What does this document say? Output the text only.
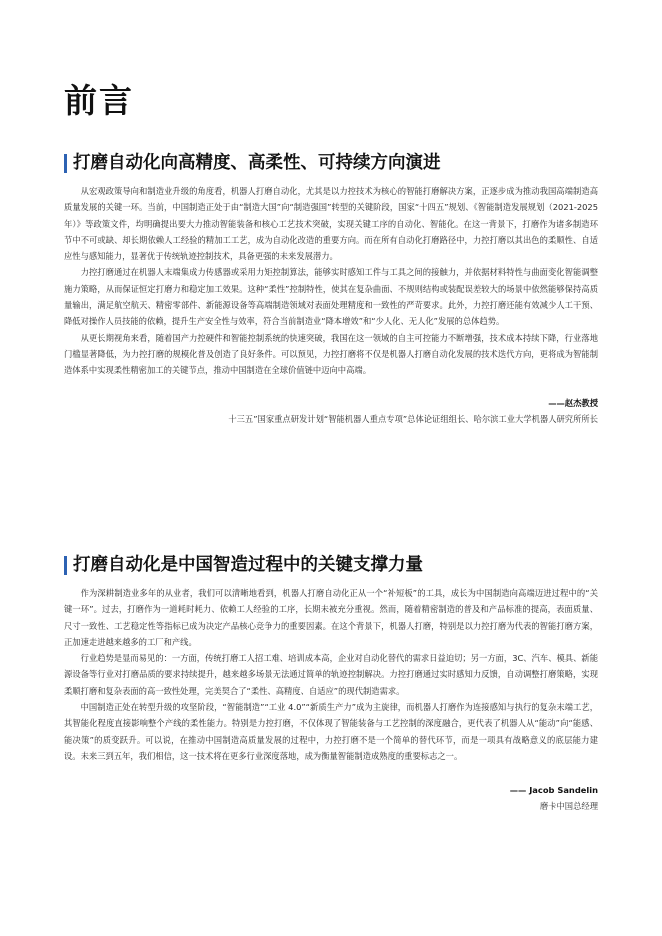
前言
打磨自动化向高精度、高柔性、可持续方向演进

从宏观政策导向和制造业升级的角度看，机器人打磨自动化，尤其是以力控技术为核心的智能打磨解决方案，正逐步成为推动我国高端制造高质量发展的关键一环。当前，中国制造正处于由“制造大国”向“制造强国”转型的关键阶段，国家“十四五”规划、《智能制造发展规划（2021-2025年）》等政策文件，均明确提出要大力推动智能装备和核心工艺技术突破，实现关键工序的自动化、智能化。在这一背景下，打磨作为诸多制造环节中不可或缺、却长期依赖人工经验的精加工工艺，成为自动化改造的重要方向。而在所有自动化打磨路径中，力控打磨以其出色的柔顺性、自适应性与感知能力，显著优于传统轨迹控制技术，具备更强的未来发展潜力。

力控打磨通过在机器人末端集成力传感器或采用力矩控制算法，能够实时感知工件与工具之间的接触力，并依据材料特性与曲面变化智能调整施力策略，从而保证恒定打磨力和稳定加工效果。这种“柔性”控制特性，使其在复杂曲面、不规则结构或装配误差较大的场景中依然能够保持高质量输出，满足航空航天、精密零部件、新能源设备等高端制造领域对表面处理精度和一致性的严苛要求。此外，力控打磨还能有效减少人工干预、降低对操作人员技能的依赖，提升生产安全性与效率，符合当前制造业“降本增效”和“少人化、无人化”发展的总体趋势。

从更长期视角来看，随着国产力控硬件和智能控制系统的快速突破，我国在这一领域的自主可控能力不断增强，技术成本持续下降，行业落地门槛显著降低，为力控打磨的规模化普及创造了良好条件。可以预见，力控打磨将不仅是机器人打磨自动化发展的技术迭代方向，更将成为智能制造体系中实现柔性精密加工的关键节点，推动中国制造在全球价值链中迈向中高端。

——赵杰教授

十三五”国家重点研发计划“智能机器人重点专项”总体论证组组长、哈尔滨工业大学机器人研究所所长

打磨自动化是中国智造过程中的关键支撑力量

作为深耕制造业多年的从业者，我们可以清晰地看到，机器人打磨自动化正从一个“补短板”的工具，成长为中国制造向高端迈进过程中的“关键一环”。过去，打磨作为一道耗时耗力、依赖工人经验的工序，长期未被充分重视。然而，随着精密制造的普及和产品标准的提高，表面质量、尺寸一致性、工艺稳定性等指标已成为决定产品核心竞争力的重要因素。在这个背景下，机器人打磨，特别是以力控打磨为代表的智能打磨方案，正加速走进越来越多的工厂和产线。

行业趋势是显而易见的：一方面，传统打磨工人招工难、培训成本高，企业对自动化替代的需求日益迫切；另一方面，3C、汽车、模具、新能源设备等行业对打磨品质的要求持续提升，越来越多场景无法通过简单的轨迹控制解决。力控打磨通过实时感知力反馈，自动调整打磨策略，实现柔顺打磨和复杂表面的高一致性处理，完美契合了“柔性、高精度、自适应”的现代制造需求。

中国制造正处在转型升级的攻坚阶段，“智能制造”“工业 4.0”“新质生产力”成为主旋律，而机器人打磨作为连接感知与执行的复杂末端工艺，其智能化程度直接影响整个产线的柔性能力。特别是力控打磨，不仅体现了智能装备与工艺控制的深度融合，更代表了机器人从“能动”向“能感、能决策”的质变跃升。可以说，在推动中国制造高质量发展的过程中，力控打磨不是一个简单的替代环节，而是一项具有战略意义的底层能力建设。未来三到五年，我们相信，这一技术将在更多行业深度落地，成为衡量智能制造成熟度的重要标志之一。

—— Jacob Sandelin

磨卡中国总经理
